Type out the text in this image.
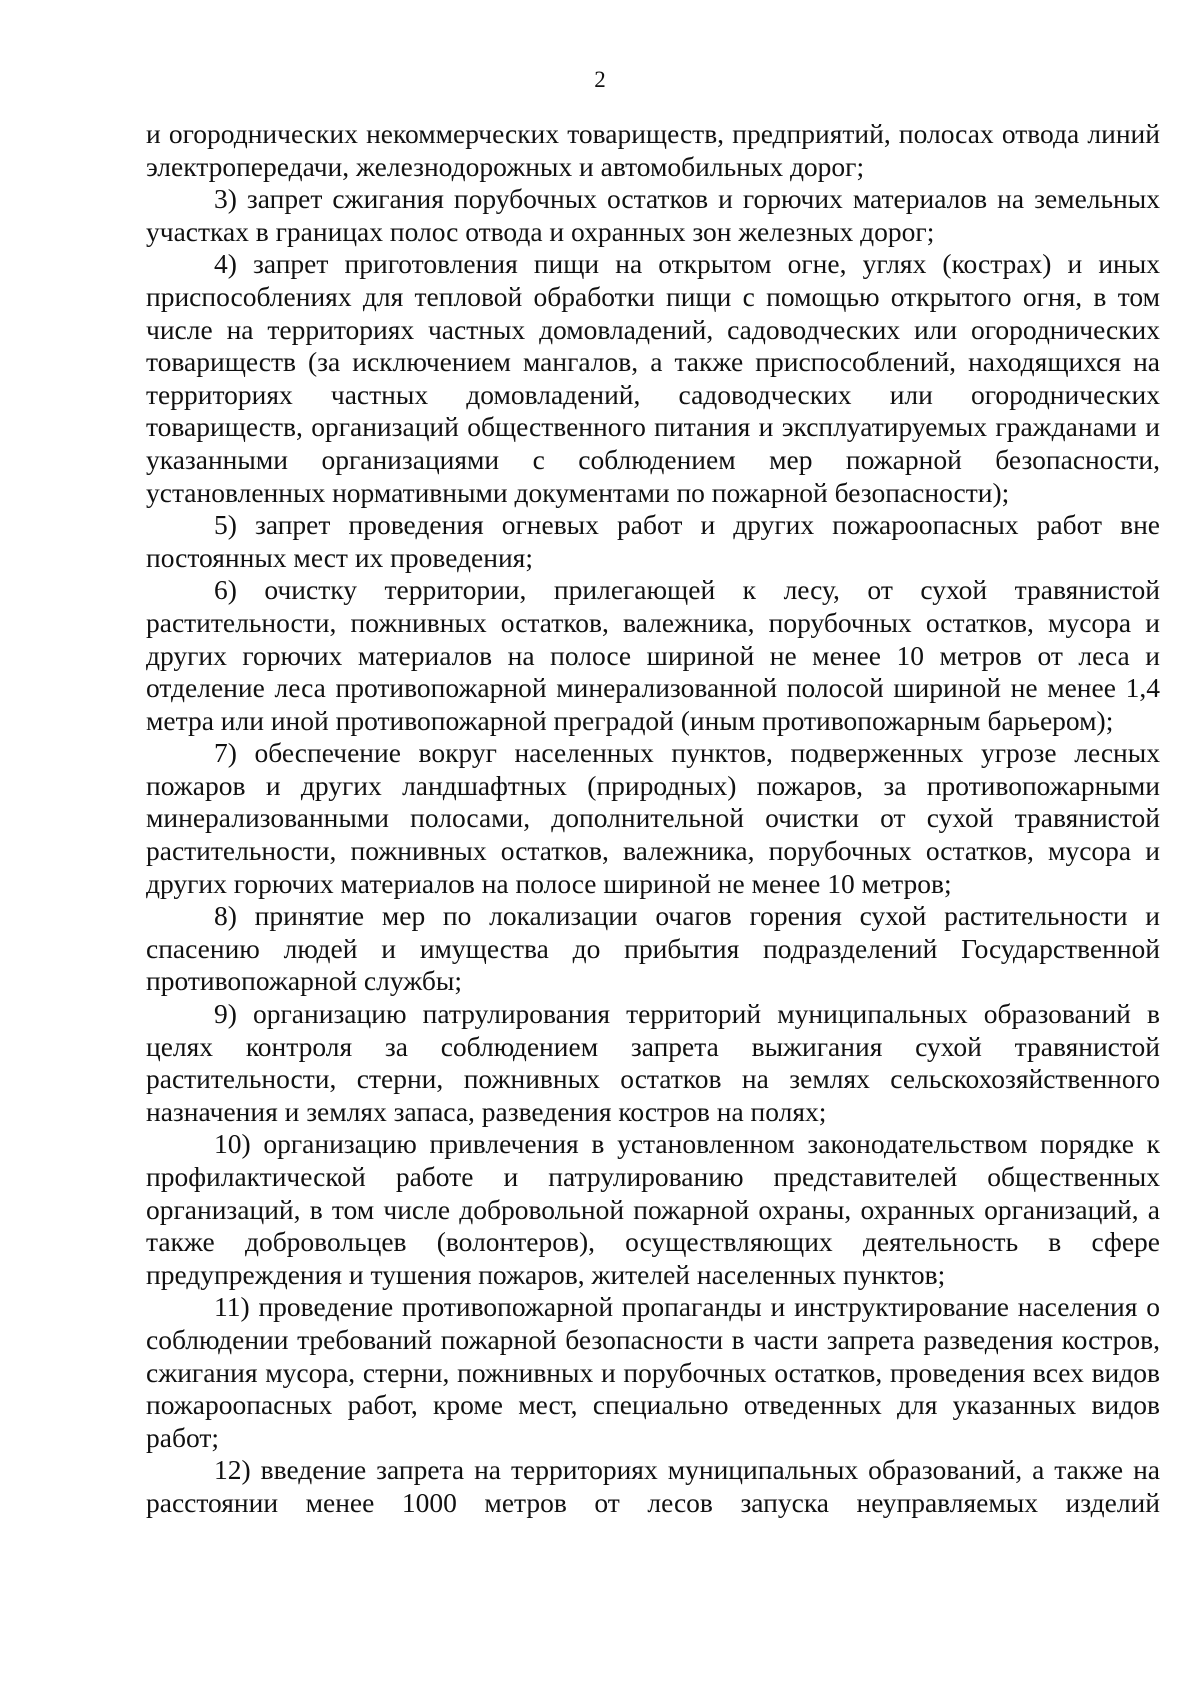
2

и огороднических некоммерческих товариществ, предприятий, полосах отвода линий электропередачи, железнодорожных и автомобильных дорог;

3) запрет сжигания порубочных остатков и горючих материалов на земельных участках в границах полос отвода и охранных зон железных дорог;

4) запрет приготовления пищи на открытом огне, углях (кострах) и иных приспособлениях для тепловой обработки пищи с помощью открытого огня, в том числе на территориях частных домовладений, садоводческих или огороднических товариществ (за исключением мангалов, а также приспособлений, находящихся на территориях частных домовладений, садоводческих или огороднических товариществ, организаций общественного питания и эксплуатируемых гражданами и указанными организациями с соблюдением мер пожарной безопасности, установленных нормативными документами по пожарной безопасности);

5) запрет проведения огневых работ и других пожароопасных работ вне постоянных мест их проведения;

6) очистку территории, прилегающей к лесу, от сухой травянистой растительности, пожнивных остатков, валежника, порубочных остатков, мусора и других горючих материалов на полосе шириной не менее 10 метров от леса и отделение леса противопожарной минерализованной полосой шириной не менее 1,4 метра или иной противопожарной преградой (иным противопожарным барьером);

7) обеспечение вокруг населенных пунктов, подверженных угрозе лесных пожаров и других ландшафтных (природных) пожаров, за противопожарными минерализованными полосами, дополнительной очистки от сухой травянистой растительности, пожнивных остатков, валежника, порубочных остатков, мусора и других горючих материалов на полосе шириной не менее 10 метров;

8) принятие мер по локализации очагов горения сухой растительности и спасению людей и имущества до прибытия подразделений Государственной противопожарной службы;

9) организацию патрулирования территорий муниципальных образований в целях контроля за соблюдением запрета выжигания сухой травянистой растительности, стерни, пожнивных остатков на землях сельскохозяйственного назначения и землях запаса, разведения костров на полях;

10) организацию привлечения в установленном законодательством порядке к профилактической работе и патрулированию представителей общественных организаций, в том числе добровольной пожарной охраны, охранных организаций, а также добровольцев (волонтеров), осуществляющих деятельность в сфере предупреждения и тушения пожаров, жителей населенных пунктов;

11) проведение противопожарной пропаганды и инструктирование населения о соблюдении требований пожарной безопасности в части запрета разведения костров, сжигания мусора, стерни, пожнивных и порубочных остатков, проведения всех видов пожароопасных работ, кроме мест, специально отведенных для указанных видов работ;

12) введение запрета на территориях муниципальных образований, а также на расстоянии менее 1000 метров от лесов запуска неуправляемых изделий
